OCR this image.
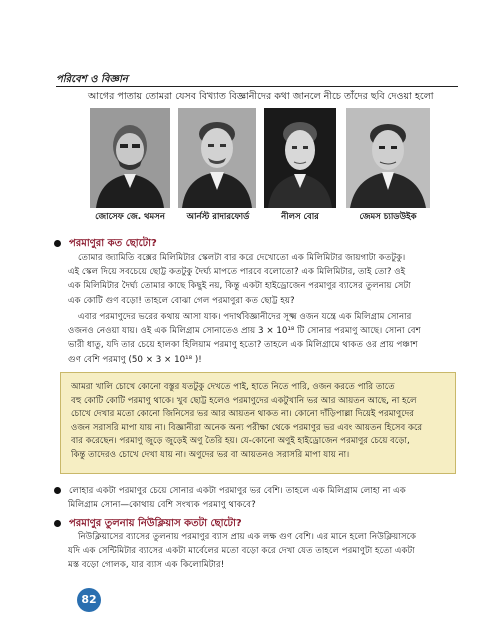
পরিবেশ ও বিজ্ঞান
আগের পাতায় তোমরা যেসব বিখ্যাত বিজ্ঞানীদের কথা জানলে নীচে তাঁদের ছবি দেওয়া হলো
জোসেফ জে. থমসন	আর্নস্ট রাদারফোর্ড	নীলস বোর	জেমস চ্যাডউইক
পরমাণুরা কত ছোটো?
তোমার জ্যামিতি বক্সের মিলিমিটার স্কেলটা বার করে দেখোতো এক মিলিমিটার জায়গাটা কতটুকু।
এই স্কেল দিয়ে সবচেয়ে ছোট্ট কতটুকু দৈর্ঘ্য মাপতে পারবে বলোতো? এক মিলিমিটার, তাই তো? ওই
এক মিলিমিটার দৈর্ঘ্য তোমার কাছে কিছুই নয়, কিন্তু একটা হাইড্রোজেন পরমাণুর ব্যাসের তুলনায় সেটা
এক কোটি গুণ বড়ো! তাহলে বোঝা গেল পরমাণুরা কত ছোট্ট হয়?
এবার পরমাণুদের ভরের কথায় আসা যাক। পদার্থবিজ্ঞানীদের সূক্ষ্ম ওজন যন্ত্রে এক মিলিগ্রাম সোনার
ওজনও নেওয়া যায়। ওই এক মিলিগ্রাম সোনাতেও প্রায় 3 × 10¹⁸ টি সোনার পরমাণু আছে। সোনা বেশ
ভারী ধাতু, যদি তার চেয়ে হালকা হিলিয়াম পরমাণু হতো? তাহলে এক মিলিগ্রামে থাকত ওর প্রায় পঞ্চাশ
গুণ বেশি পরমাণু (50 × 3 × 10¹⁸ )!
আমরা খালি চোখে কোনো বস্তুর যতটুকু দেখতে পাই, হাতে নিতে পারি, ওজন করতে পারি তাতে
বহু কোটি কোটি পরমাণু থাকে। খুব ছোট্ট হলেও পরমাণুদের একটুখানি ভর আর আয়তন আছে, না হলে
চোখে দেখার মতো কোনো জিনিসের ভর আর আয়তন থাকত না। কোনো দাঁড়িপাল্লা দিয়েই পরমাণুদের
ওজন সরাসরি মাপা যায় না। বিজ্ঞানীরা অনেক অন্য পরীক্ষা থেকে পরমাণুর ভর এবং আয়তন হিসেব করে
বার করেছেন। পরমাণু জুড়ে জুড়েই অণু তৈরি হয়। যে-কোনো অণুই হাইড্রোজেন পরমাণুর চেয়ে বড়ো,
কিন্তু তাদেরও চোখে দেখা যায় না। অণুদের ভর বা আয়তনও সরাসরি মাপা যায় না।
লোহার একটা পরমাণুর চেয়ে সোনার একটা পরমাণুর ভর বেশি। তাহলে এক মিলিগ্রাম লোহা না এক
মিলিগ্রাম সোনা—কোথায় বেশি সংখ্যক পরমাণু থাকবে?
পরমাণুর তুলনায় নিউক্লিয়াস কতটা ছোটো?
নিউক্লিয়াসের ব্যাসের তুলনায় পরমাণুর ব্যাস প্রায় এক লক্ষ গুণ বেশি। এর মানে হলো নিউক্লিয়াসকে
যদি এক সেন্টিমিটার ব্যাসের একটা মার্বেলের মতো বড়ো করে দেখা যেত তাহলে পরমাণুটা হতো একটা
মস্ত বড়ো গোলক, যার ব্যাস এক কিলোমিটার!
82
